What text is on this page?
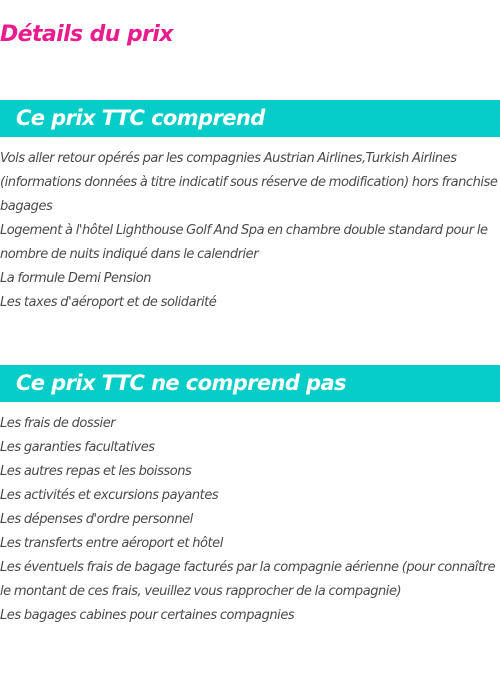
Détails du prix
Ce prix TTC comprend
Vols aller retour opérés par les compagnies Austrian Airlines,Turkish Airlines (informations données à titre indicatif sous réserve de modification) hors franchise bagages
Logement à l'hôtel Lighthouse Golf And Spa en chambre double standard pour le nombre de nuits indiqué dans le calendrier
La formule Demi Pension
Les taxes d'aéroport et de solidarité
Ce prix TTC ne comprend pas
Les frais de dossier
Les garanties facultatives
Les autres repas et les boissons
Les activités et excursions payantes
Les dépenses d'ordre personnel
Les transferts entre aéroport et hôtel
Les éventuels frais de bagage facturés par la compagnie aérienne (pour connaître le montant de ces frais, veuillez vous rapprocher de la compagnie)
Les bagages cabines pour certaines compagnies
